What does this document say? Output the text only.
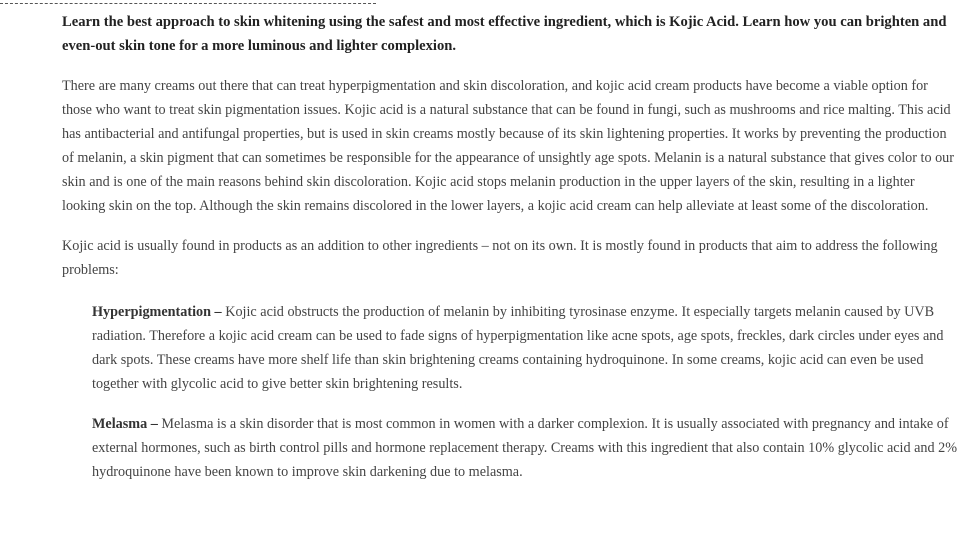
Learn the best approach to skin whitening using the safest and most effective ingredient, which is Kojic Acid. Learn how you can brighten and even-out skin tone for a more luminous and lighter complexion.

There are many creams out there that can treat hyperpigmentation and skin discoloration, and kojic acid cream products have become a viable option for those who want to treat skin pigmentation issues. Kojic acid is a natural substance that can be found in fungi, such as mushrooms and rice malting. This acid has antibacterial and antifungal properties, but is used in skin creams mostly because of its skin lightening properties. It works by preventing the production of melanin, a skin pigment that can sometimes be responsible for the appearance of unsightly age spots. Melanin is a natural substance that gives color to our skin and is one of the main reasons behind skin discoloration. Kojic acid stops melanin production in the upper layers of the skin, resulting in a lighter looking skin on the top. Although the skin remains discolored in the lower layers, a kojic acid cream can help alleviate at least some of the discoloration.

Kojic acid is usually found in products as an addition to other ingredients – not on its own. It is mostly found in products that aim to address the following problems:

Hyperpigmentation – Kojic acid obstructs the production of melanin by inhibiting tyrosinase enzyme. It especially targets melanin caused by UVB radiation. Therefore a kojic acid cream can be used to fade signs of hyperpigmentation like acne spots, age spots, freckles, dark circles under eyes and dark spots. These creams have more shelf life than skin brightening creams containing hydroquinone. In some creams, kojic acid can even be used together with glycolic acid to give better skin brightening results.

Melasma – Melasma is a skin disorder that is most common in women with a darker complexion. It is usually associated with pregnancy and intake of external hormones, such as birth control pills and hormone replacement therapy. Creams with this ingredient that also contain 10% glycolic acid and 2% hydroquinone have been known to improve skin darkening due to melasma.
